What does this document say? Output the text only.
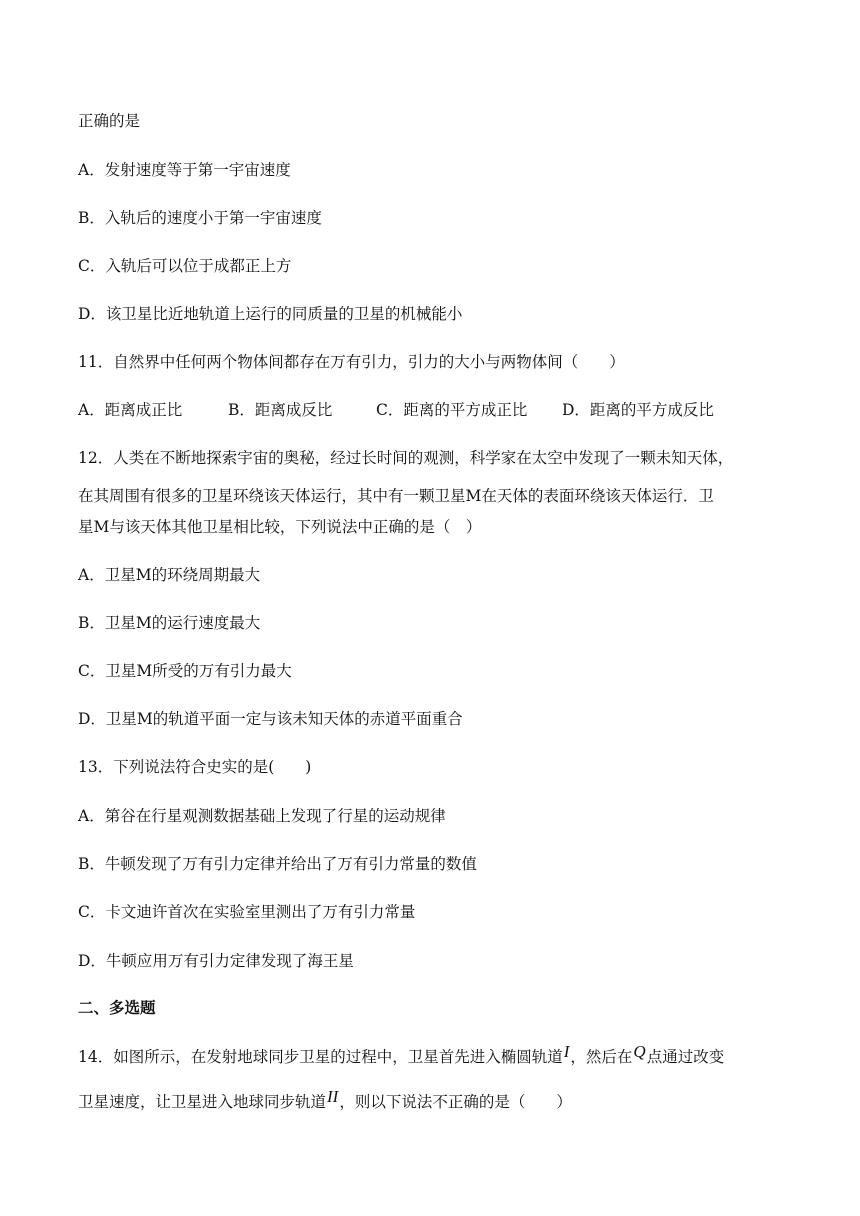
正确的是
A．发射速度等于第一宇宙速度
B．入轨后的速度小于第一宇宙速度
C．入轨后可以位于成都正上方
D．该卫星比近地轨道上运行的同质量的卫星的机械能小
11．自然界中任何两个物体间都存在万有引力，引力的大小与两物体间（　　）
A．距离成正比	B．距离成反比	C．距离的平方成正比 D．距离的平方成反比
12．人类在不断地探索宇宙的奥秘，经过长时间的观测，科学家在太空中发现了一颗未知天体，
在其周围有很多的卫星环绕该天体运行，其中有一颗卫星M在天体的表面环绕该天体运行．卫
星M与该天体其他卫星相比较，下列说法中正确的是（　）
A．卫星M的环绕周期最大
B．卫星M的运行速度最大
C．卫星M所受的万有引力最大
D．卫星M的轨道平面一定与该未知天体的赤道平面重合
13．下列说法符合史实的是(　　)
A．第谷在行星观测数据基础上发现了行星的运动规律
B．牛顿发现了万有引力定律并给出了万有引力常量的数值
C．卡文迪许首次在实验室里测出了万有引力常量
D．牛顿应用万有引力定律发现了海王星
二、多选题
14．如图所示，在发射地球同步卫星的过程中，卫星首先进入椭圆轨道I，然后在Q点通过改变
卫星速度，让卫星进入地球同步轨道II，则以下说法不正确的是（　　）
